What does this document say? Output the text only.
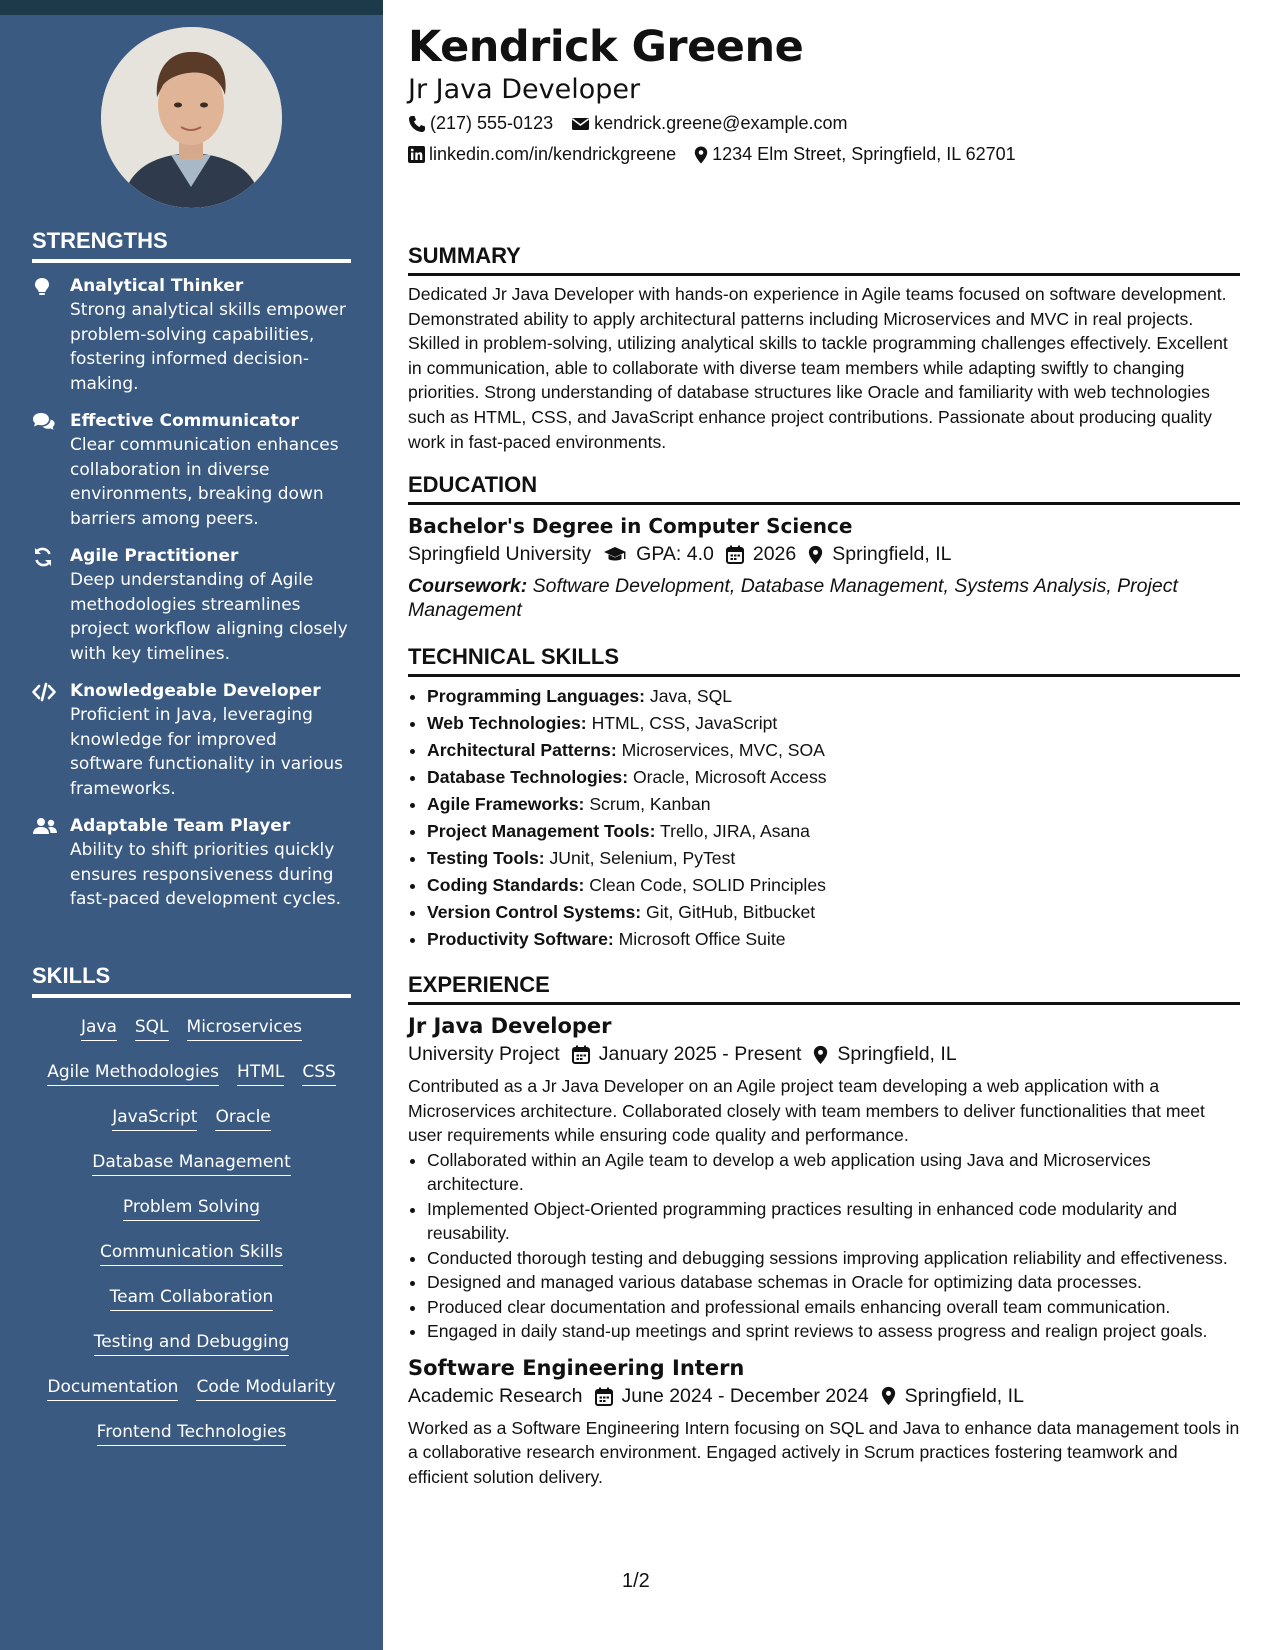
STRENGTHS
Analytical Thinker
Strong analytical skills empower problem-solving capabilities, fostering informed decision-making.
Effective Communicator
Clear communication enhances collaboration in diverse environments, breaking down barriers among peers.
Agile Practitioner
Deep understanding of Agile methodologies streamlines project workflow aligning closely with key timelines.
Knowledgeable Developer
Proficient in Java, leveraging knowledge for improved software functionality in various frameworks.
Adaptable Team Player
Ability to shift priorities quickly ensures responsiveness during fast-paced development cycles.
SKILLS
Java SQL Microservices
Agile Methodologies HTML CSS
JavaScript Oracle
Database Management
Problem Solving
Communication Skills
Team Collaboration
Testing and Debugging
Documentation Code Modularity
Frontend Technologies
Kendrick Greene
Jr Java Developer
(217) 555-0123 kendrick.greene@example.com
linkedin.com/in/kendrickgreene 1234 Elm Street, Springfield, IL 62701
SUMMARY

Dedicated Jr Java Developer with hands-on experience in Agile teams focused on software development. Demonstrated ability to apply architectural patterns including Microservices and MVC in real projects. Skilled in problem-solving, utilizing analytical skills to tackle programming challenges effectively. Excellent in communication, able to collaborate with diverse team members while adapting swiftly to changing priorities. Strong understanding of database structures like Oracle and familiarity with web technologies such as HTML, CSS, and JavaScript enhance project contributions. Passionate about producing quality work in fast-paced environments.

EDUCATION
Bachelor's Degree in Computer Science
Springfield University GPA: 4.0 2026 Springfield, IL
Coursework: Software Development, Database Management, Systems Analysis, Project Management
TECHNICAL SKILLS
• Programming Languages: Java, SQL
• Web Technologies: HTML, CSS, JavaScript
• Architectural Patterns: Microservices, MVC, SOA
• Database Technologies: Oracle, Microsoft Access
• Agile Frameworks: Scrum, Kanban
• Project Management Tools: Trello, JIRA, Asana
• Testing Tools: JUnit, Selenium, PyTest
• Coding Standards: Clean Code, SOLID Principles
• Version Control Systems: Git, GitHub, Bitbucket
• Productivity Software: Microsoft Office Suite
EXPERIENCE
Jr Java Developer
University Project January 2025 - Present Springfield, IL

Contributed as a Jr Java Developer on an Agile project team developing a web application with a Microservices architecture. Collaborated closely with team members to deliver functionalities that meet user requirements while ensuring code quality and performance.

• Collaborated within an Agile team to develop a web application using Java and Microservices architecture.
• Implemented Object-Oriented programming practices resulting in enhanced code modularity and reusability.
• Conducted thorough testing and debugging sessions improving application reliability and effectiveness.
• Designed and managed various database schemas in Oracle for optimizing data processes.
• Produced clear documentation and professional emails enhancing overall team communication.
• Engaged in daily stand-up meetings and sprint reviews to assess progress and realign project goals.
Software Engineering Intern
Academic Research June 2024 - December 2024 Springfield, IL

Worked as a Software Engineering Intern focusing on SQL and Java to enhance data management tools in a collaborative research environment. Engaged actively in Scrum practices fostering teamwork and efficient solution delivery.

1/2
